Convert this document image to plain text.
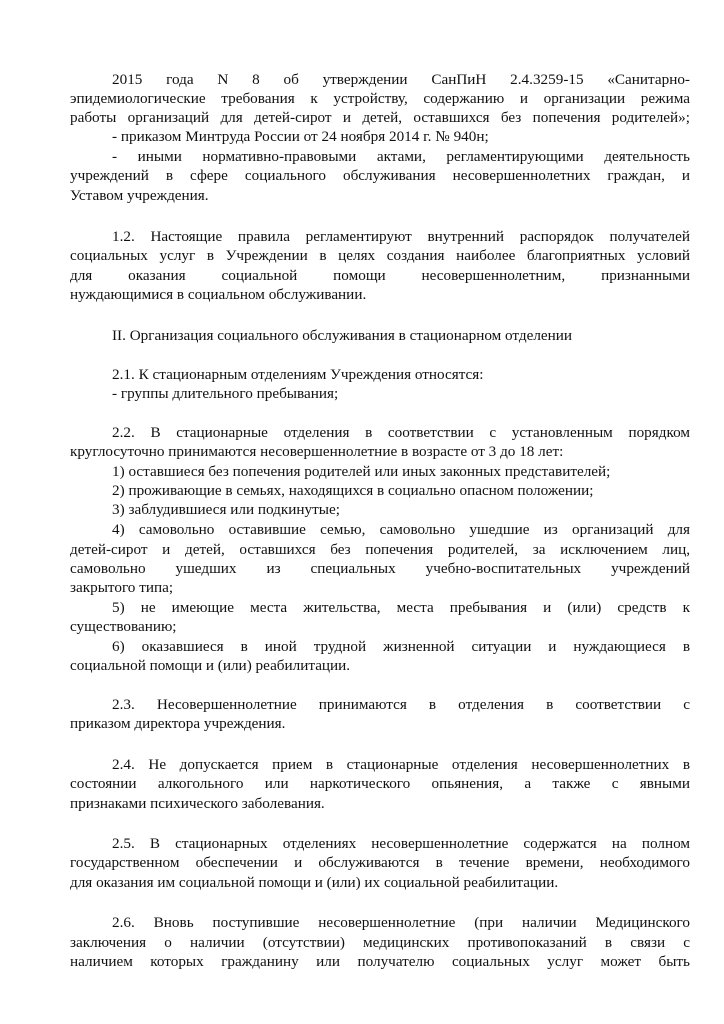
2015 года N 8 об утверждении СанПиН 2.4.3259-15 «Санитарно-
эпидемиологические требования к устройству, содержанию и организации режима
работы организаций для детей-сирот и детей, оставшихся без попечения родителей»;
- приказом Минтруда России от 24 ноября 2014 г. № 940н;
- иными нормативно-правовыми актами, регламентирующими деятельность
учреждений в сфере социального обслуживания несовершеннолетних граждан, и
Уставом учреждения.
1.2. Настоящие правила регламентируют внутренний распорядок получателей
социальных услуг в Учреждении в целях создания наиболее благоприятных условий
для оказания социальной помощи несовершеннолетним, признанными
нуждающимися в социальном обслуживании.
II. Организация социального обслуживания в стационарном отделении
2.1. К стационарным отделениям Учреждения относятся:
- группы длительного пребывания;
2.2. В стационарные отделения в соответствии с установленным порядком
круглосуточно принимаются несовершеннолетние в возрасте от 3 до 18 лет:
1) оставшиеся без попечения родителей или иных законных представителей;
2) проживающие в семьях, находящихся в социально опасном положении;
3) заблудившиеся или подкинутые;
4) самовольно оставившие семью, самовольно ушедшие из организаций для
детей-сирот и детей, оставшихся без попечения родителей, за исключением лиц,
самовольно ушедших из специальных учебно-воспитательных учреждений
закрытого типа;
5) не имеющие места жительства, места пребывания и (или) средств к
существованию;
6) оказавшиеся в иной трудной жизненной ситуации и нуждающиеся в
социальной помощи и (или) реабилитации.
2.3. Несовершеннолетние принимаются в отделения в соответствии с
приказом директора учреждения.
2.4. Не допускается прием в стационарные отделения несовершеннолетних в
состоянии алкогольного или наркотического опьянения, а также с явными
признаками психического заболевания.
2.5. В стационарных отделениях несовершеннолетние содержатся на полном
государственном обеспечении и обслуживаются в течение времени, необходимого
для оказания им социальной помощи и (или) их социальной реабилитации.
2.6. Вновь поступившие несовершеннолетние (при наличии Медицинского
заключения о наличии (отсутствии) медицинских противопоказаний в связи с
наличием которых гражданину или получателю социальных услуг может быть
